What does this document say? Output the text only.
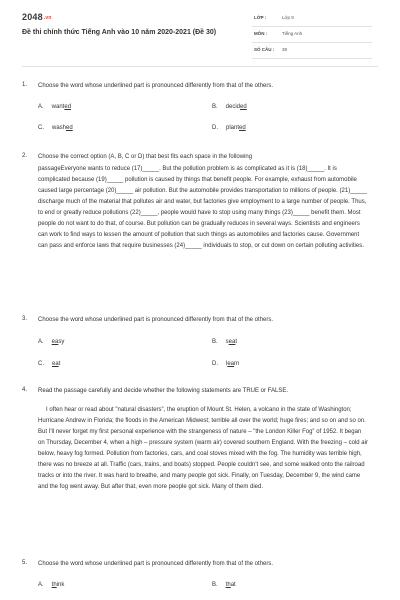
2048.vn
Đề thi chính thức Tiếng Anh vào 10 năm 2020-2021 (Đề 30)
LỚP :	Lớp 9
MÔN :	Tiếng Anh
SỐ CÂU : 38
1. Choose the word whose underlined part is pronounced differently from that of the others.
A. wanted	B. decided
C. washed	D. planted
2. Choose the correct option (A, B, C or D) that best fits each space in the following
passageEveryone wants to reduce (17)_____. But the pollution problem is as complicated as it is (18)_____. It is complicated because (19)_____ pollution is caused by things that benefit people. For example, exhaust from automobile caused large percentage (20)_____ air pollution. But the automobile provides transportation to millions of people. (21)_____ discharge much of the material that pollutes air and water, but factories give employment to a large number of people. Thus, to end or greatly reduce pollutions (22)_____, people would have to stop using many things (23)_____ benefit them. Most people do not want to do that, of course. But pollution can be gradually reduces in several ways. Scientists and engineers can work to find ways to lessen the amount of pollution that such things as automobiles and factories cause. Government can pass and enforce laws that require businesses (24)_____ individuals to stop, or cut down on certain polluting activities.
3. Choose the word whose underlined part is pronounced differently from that of the others.
A. easy	B. seat
C. eat	D. learn
4. Read the passage carefully and decide whether the following statements are TRUE or FALSE.
I often hear or read about "natural disasters", the eruption of Mount St. Helen, a volcano in the state of Washington; Hurricane Andrew in Florida; the floods in the American Midwest; terrible all over the world; huge fires; and so on and so on. But I'll never forget my first personal experience with the strangeness of nature – "the London Killer Fog" of 1952. It began on Thursday, December 4, when a high – pressure system (warm air) covered southern England. With the freezing – cold air below, heavy fog formed. Pollution from factories, cars, and coal stoves mixed with the fog. The humidity was terrible high, there was no breeze at all. Traffic (cars, trains, and boats) stopped. People couldn't see, and some walked onto the railroad tracks or into the river. It was hard to breathe, and many people got sick. Finally, on Tuesday, December 9, the wind came and the fog went away. But after that, even more people got sick. Many of them died.
5. Choose the word whose underlined part is pronounced differently from that of the others.
A. think	B. that
